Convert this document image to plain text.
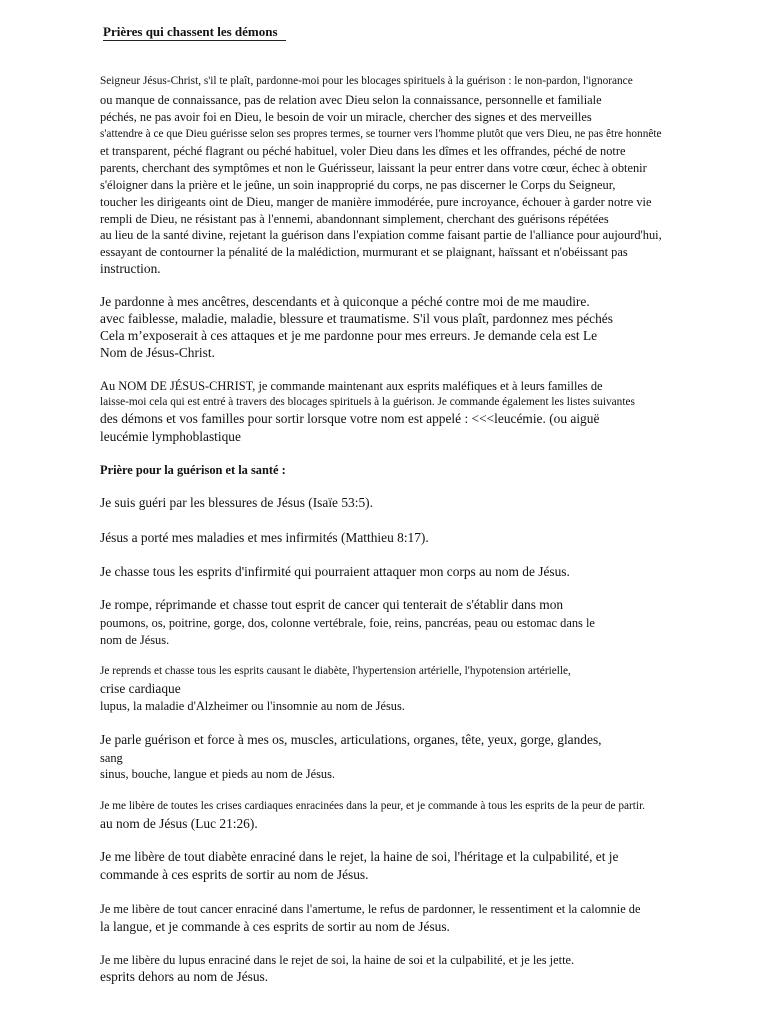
Prières qui chassent les démons
Seigneur Jésus-Christ, s'il te plaît, pardonne-moi pour les blocages spirituels à la guérison : le non-pardon, l'ignorance
ou manque de connaissance, pas de relation avec Dieu selon la connaissance, personnelle et familiale
péchés, ne pas avoir foi en Dieu, le besoin de voir un miracle, chercher des signes et des merveilles
s'attendre à ce que Dieu guérisse selon ses propres termes, se tourner vers l'homme plutôt que vers Dieu, ne pas être honnête
et transparent, péché flagrant ou péché habituel, voler Dieu dans les dîmes et les offrandes, péché de notre
parents, cherchant des symptômes et non le Guérisseur, laissant la peur entrer dans votre cœur, échec à obtenir
s'éloigner dans la prière et le jeûne, un soin inapproprié du corps, ne pas discerner le Corps du Seigneur,
toucher les dirigeants oint de Dieu, manger de manière immodérée, pure incroyance, échouer à garder notre vie
rempli de Dieu, ne résistant pas à l'ennemi, abandonnant simplement, cherchant des guérisons répétées
au lieu de la santé divine, rejetant la guérison dans l'expiation comme faisant partie de l'alliance pour aujourd'hui,
essayant de contourner la pénalité de la malédiction, murmurant et se plaignant, haïssant et n'obéissant pas
instruction.
Je pardonne à mes ancêtres, descendants et à quiconque a péché contre moi de me maudire.
avec faiblesse, maladie, maladie, blessure et traumatisme. S'il vous plaît, pardonnez mes péchés
Cela m’exposerait à ces attaques et je me pardonne pour mes erreurs. Je demande cela est Le
Nom de Jésus-Christ.
Au NOM DE JÉSUS-CHRIST, je commande maintenant aux esprits maléfiques et à leurs familles de
laisse-moi cela qui est entré à travers des blocages spirituels à la guérison. Je commande également les listes suivantes
des démons et vos familles pour sortir lorsque votre nom est appelé : <<<leucémie. (ou aiguë
leucémie lymphoblastique
Prière pour la guérison et la santé :
Je suis guéri par les blessures de Jésus (Isaïe 53:5).
Jésus a porté mes maladies et mes infirmités (Matthieu 8:17).
Je chasse tous les esprits d'infirmité qui pourraient attaquer mon corps au nom de Jésus.
Je rompe, réprimande et chasse tout esprit de cancer qui tenterait de s'établir dans mon
poumons, os, poitrine, gorge, dos, colonne vertébrale, foie, reins, pancréas, peau ou estomac dans le
nom de Jésus.
Je reprends et chasse tous les esprits causant le diabète, l'hypertension artérielle, l'hypotension artérielle,
crise cardiaque
lupus, la maladie d'Alzheimer ou l'insomnie au nom de Jésus.
Je parle guérison et force à mes os, muscles, articulations, organes, tête, yeux, gorge, glandes,
sang
sinus, bouche, langue et pieds au nom de Jésus.
Je me libère de toutes les crises cardiaques enracinées dans la peur, et je commande à tous les esprits de la peur de partir.
au nom de Jésus (Luc 21:26).
Je me libère de tout diabète enraciné dans le rejet, la haine de soi, l'héritage et la culpabilité, et je
commande à ces esprits de sortir au nom de Jésus.
Je me libère de tout cancer enraciné dans l'amertume, le refus de pardonner, le ressentiment et la calomnie de
la langue, et je commande à ces esprits de sortir au nom de Jésus.
Je me libère du lupus enraciné dans le rejet de soi, la haine de soi et la culpabilité, et je les jette.
esprits dehors au nom de Jésus.
